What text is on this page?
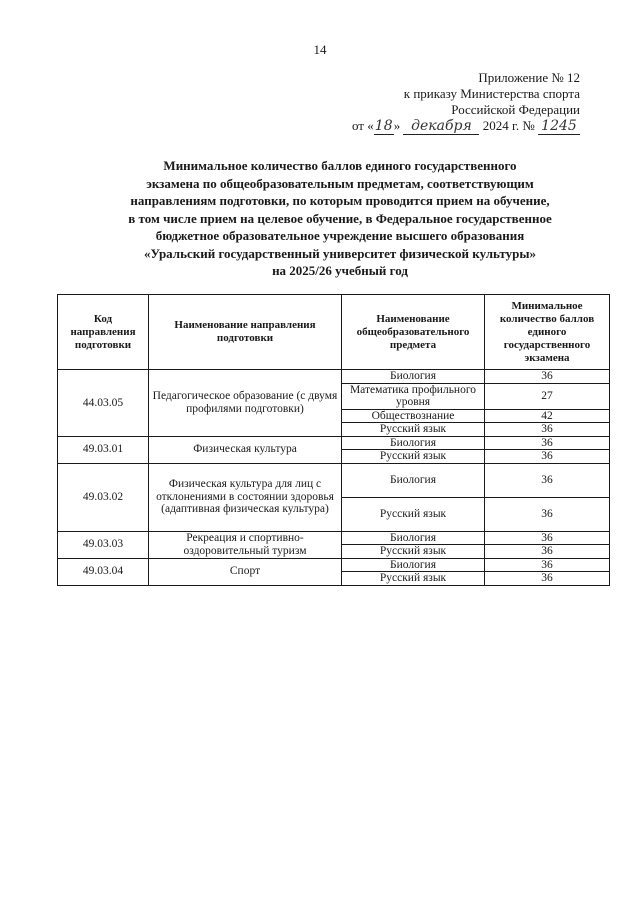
14
Приложение № 12
к приказу Министерства спорта
Российской Федерации
от «18» декабря 2024 г. № 1245
Минимальное количество баллов единого государственного
экзамена по общеобразовательным предметам, соответствующим
направлениям подготовки, по которым проводится прием на обучение,
в том числе прием на целевое обучение, в Федеральное государственное
бюджетное образовательное учреждение высшего образования
«Уральский государственный университет физической культуры»
на 2025/26 учебный год
Код направления подготовки	Наименование направления подготовки	Наименование общеобразовательного предмета	Минимальное количество баллов единого государственного экзамена
44.03.05	Педагогическое образование (с двумя профилями подготовки)	Биология	36
		Математика профильного уровня	27
		Обществознание	42
		Русский язык	36
49.03.01	Физическая культура	Биология	36
		Русский язык	36
49.03.02	Физическая культура для лиц с отклонениями в состоянии здоровья (адаптивная физическая культура)	Биология	36
		Русский язык	36
49.03.03	Рекреация и спортивно-оздоровительный туризм	Биология	36
		Русский язык	36
49.03.04	Спорт	Биология	36
		Русский язык	36
